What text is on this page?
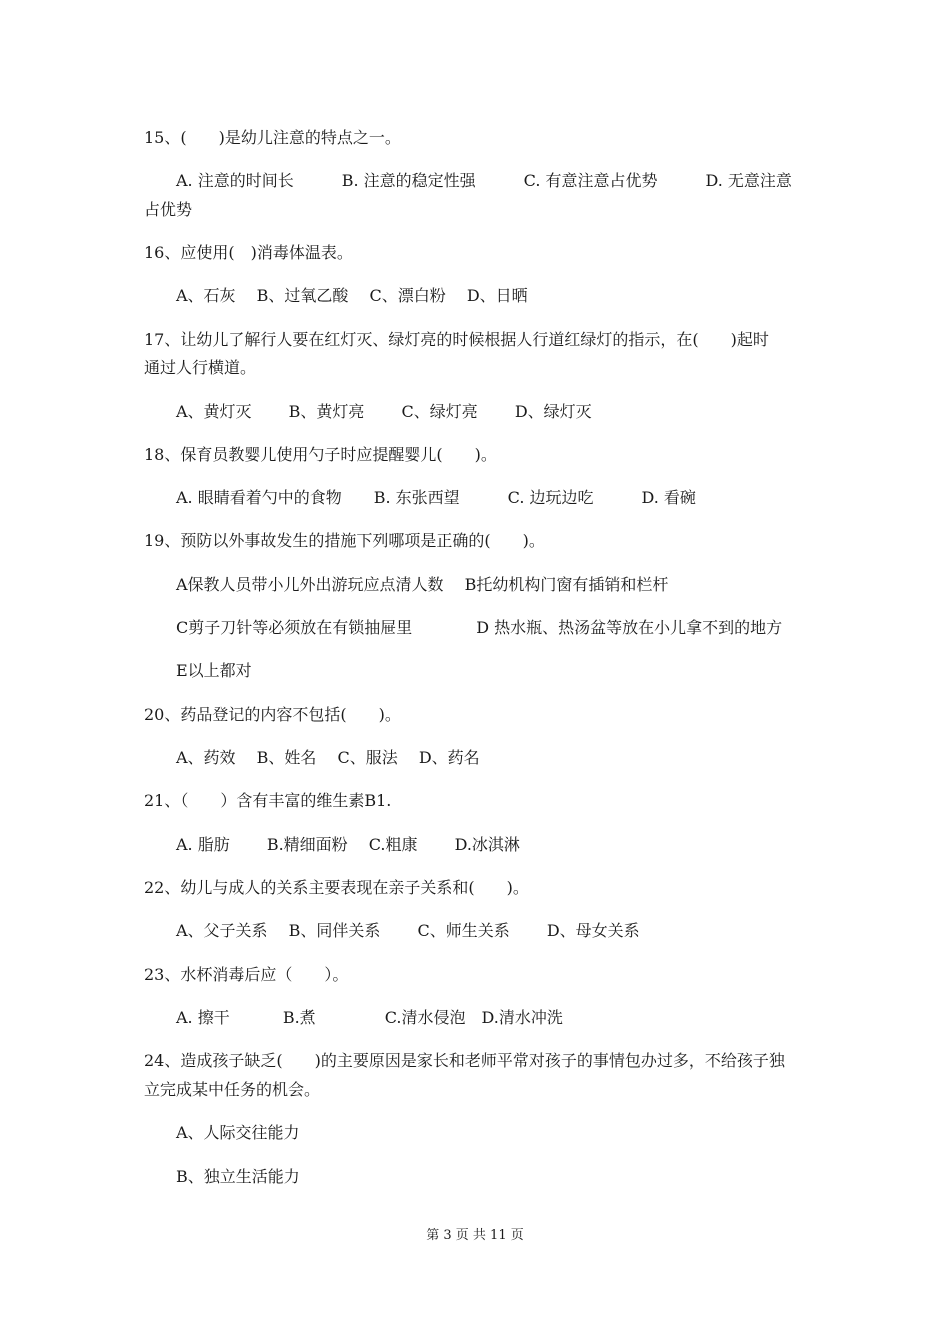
15、(　　)是幼儿注意的特点之一。
A. 注意的时间长　　　B. 注意的稳定性强　　　C. 有意注意占优势　　　D. 无意注意
占优势
16、应使用(　)消毒体温表。
A、石灰　 B、过氧乙酸　 C、漂白粉　 D、日晒
17、让幼儿了解行人要在红灯灭、绿灯亮的时候根据人行道红绿灯的指示，在(　　)起时
通过人行横道。
A、黄灯灭　　 B、黄灯亮　　 C、绿灯亮　　 D、绿灯灭
18、保育员教婴儿使用勺子时应提醒婴儿(　　)。
A. 眼睛看着勺中的食物　　B. 东张西望　　　C. 边玩边吃　　　D. 看碗
19、预防以外事故发生的措施下列哪项是正确的(　　)。
A保教人员带小儿外出游玩应点清人数　 B托幼机构门窗有插销和栏杆
C剪子刀针等必须放在有锁抽屉里　　　　D 热水瓶、热汤盆等放在小儿拿不到的地方
E以上都对
20、药品登记的内容不包括(　　)。
A、药效　 B、姓名　 C、服法　 D、药名
21、（　　）含有丰富的维生素B1.
A. 脂肪　　 B.精细面粉　 C.粗康　　 D.冰淇淋
22、幼儿与成人的关系主要表现在亲子关系和(　　)。
A、父子关系　 B、同伴关系　　 C、师生关系　　 D、母女关系
23、水杯消毒后应（　　）。
A. 擦干　　　 B.煮　　　　 C.清水侵泡　D.清水冲洗
24、造成孩子缺乏(　　)的主要原因是家长和老师平常对孩子的事情包办过多，不给孩子独
立完成某中任务的机会。
A、人际交往能力
B、独立生活能力
第 3 页 共 11 页
